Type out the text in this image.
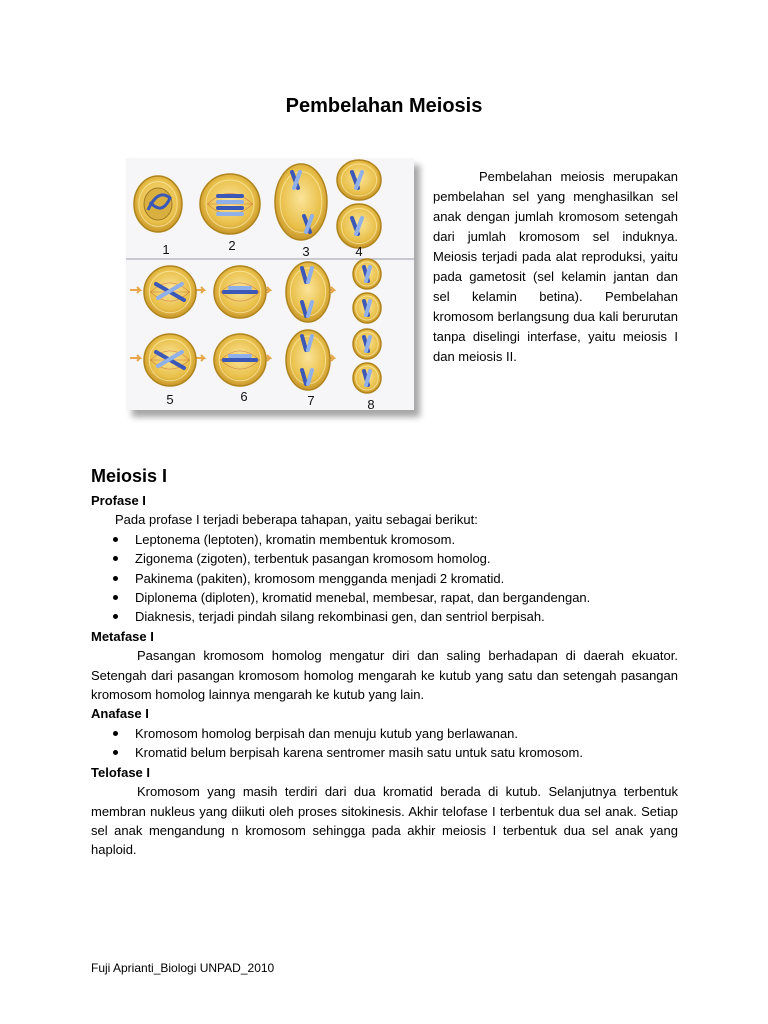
Pembelahan Meiosis
1	2	3	4
5	6	7	8
Pembelahan meiosis merupakan pembelahan sel yang menghasilkan sel anak dengan jumlah kromosom setengah dari jumlah kromosom sel induknya. Meiosis terjadi pada alat reproduksi, yaitu pada gametosit (sel kelamin jantan dan sel kelamin betina). Pembelahan kromosom berlangsung dua kali berurutan tanpa diselingi interfase, yaitu meiosis I dan meiosis II.
Meiosis I
Profase I

Pada profase I terjadi beberapa tahapan, yaitu sebagai berikut:

Leptonema (leptoten), kromatin membentuk kromosom.
Zigonema (zigoten), terbentuk pasangan kromosom homolog.
Pakinema (pakiten), kromosom mengganda menjadi 2 kromatid.
Diplonema (diploten), kromatid menebal, membesar, rapat, dan bergandengan.
Diaknesis, terjadi pindah silang rekombinasi gen, dan sentriol berpisah.
Metafase I

Pasangan kromosom homolog mengatur diri dan saling berhadapan di daerah ekuator. Setengah dari pasangan kromosom homolog mengarah ke kutub yang satu dan setengah pasangan kromosom homolog lainnya mengarah ke kutub yang lain.

Anafase I
Kromosom homolog berpisah dan menuju kutub yang berlawanan.
Kromatid belum berpisah karena sentromer masih satu untuk satu kromosom.
Telofase I

Kromosom yang masih terdiri dari dua kromatid berada di kutub. Selanjutnya terbentuk membran nukleus yang diikuti oleh proses sitokinesis. Akhir telofase I terbentuk dua sel anak. Setiap sel anak mengandung n kromosom sehingga pada akhir meiosis I terbentuk dua sel anak yang haploid.

Fuji Aprianti_Biologi UNPAD_2010
